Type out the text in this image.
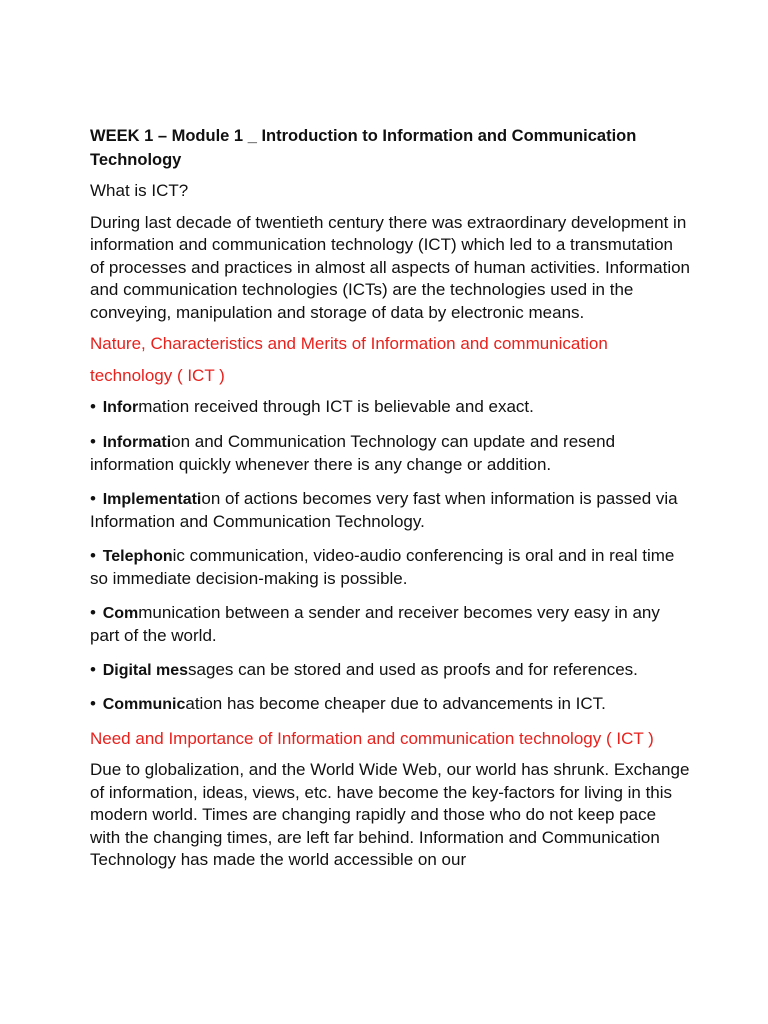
WEEK 1 – Module 1 _ Introduction to Information and Communication Technology

What is ICT?

During last decade of twentieth century there was extraordinary development in information and communication technology (ICT) which led to a transmutation of processes and practices in almost all aspects of human activities. Information and communication technologies (ICTs) are the technologies used in the conveying, manipulation and storage of data by electronic means.

Nature, Characteristics and Merits of Information and communication

technology ( ICT )

• Information received through ICT is believable and exact.

• Information and Communication Technology can update and resend information quickly whenever there is any change or addition.

• Implementation of actions becomes very fast when information is passed via Information and Communication Technology.

• Telephonic communication, video-audio conferencing is oral and in real time so immediate decision-making is possible.

• Communication between a sender and receiver becomes very easy in any part of the world.

• Digital messages can be stored and used as proofs and for references.

• Communication has become cheaper due to advancements in ICT.

Need and Importance of Information and communication technology ( ICT )

Due to globalization, and the World Wide Web, our world has shrunk. Exchange of information, ideas, views, etc. have become the key-factors for living in this modern world. Times are changing rapidly and those who do not keep pace with the changing times, are left far behind. Information and Communication Technology has made the world accessible on our
